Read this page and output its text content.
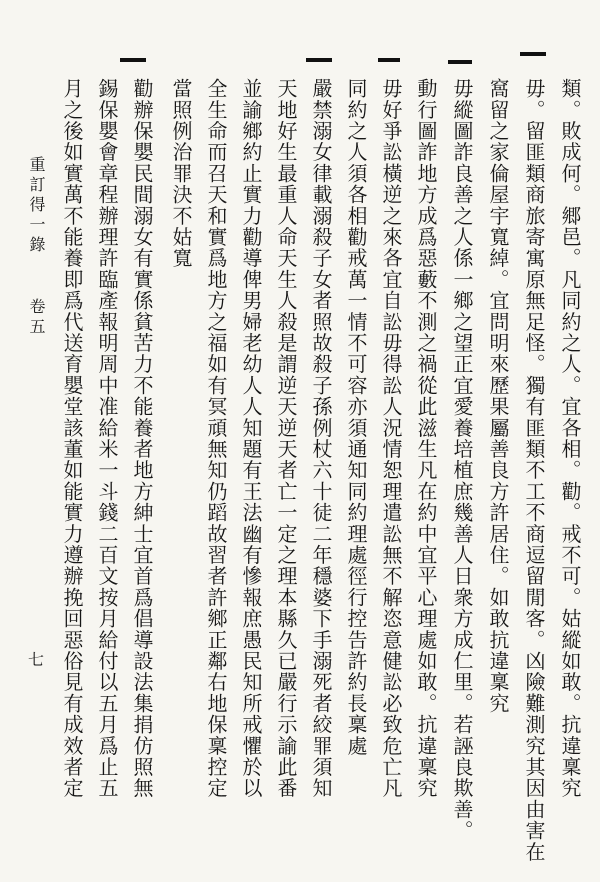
類。敗成何。郷邑。凡同約之人。宜各相。勸。戒不可。姑縱如敢。抗違稟究
毋。留匪類商旅寄寓原無足怪。獨有匪類不工不商逗留閒客。凶險難測究其因由害在
窩留之家倫屋宇寬綽。宜問明來歷果屬善良方許居住。如敢抗違稟究
毋縱圖詐良善之人係一鄉之望正宜愛養培植庶幾善人日衆方成仁里。若誣良欺善。
動行圖詐地方成爲惡藪不測之禍從此滋生凡在約中宜平心理處如敢。抗違稟究
毋好爭訟橫逆之來各宜自訟毋得訟人況情恕理遣訟無不解恣意健訟必致危亡凡
同約之人須各相勸戒萬一情不可容亦須通知同約理處徑行控告許約長稟處
嚴禁溺女律載溺殺子女者照故殺子孫例杖六十徒二年穩婆下手溺死者絞罪須知
天地好生最重人命天生人殺是謂逆天逆天者亡一定之理本縣久已嚴行示諭此番
並諭鄉約止實力勸導俾男婦老幼人人知題有王法幽有慘報庶愚民知所戒懼於以
全生命而召天和實爲地方之福如有冥頑無知仍蹈故習者許鄉正鄰右地保稟控定
當照例治罪決不姑寬
勸辦保嬰民間溺女有實係貧苦力不能養者地方紳士宜首爲倡導設法集捐仿照無
錫保嬰會章程辦理許臨產報明周中准給米一斗錢二百文按月給付以五月爲止五
月之後如實萬不能養即爲代送育嬰堂該董如能實力遵辦挽回惡俗見有成效者定
重訂得一錄
卷五
七
